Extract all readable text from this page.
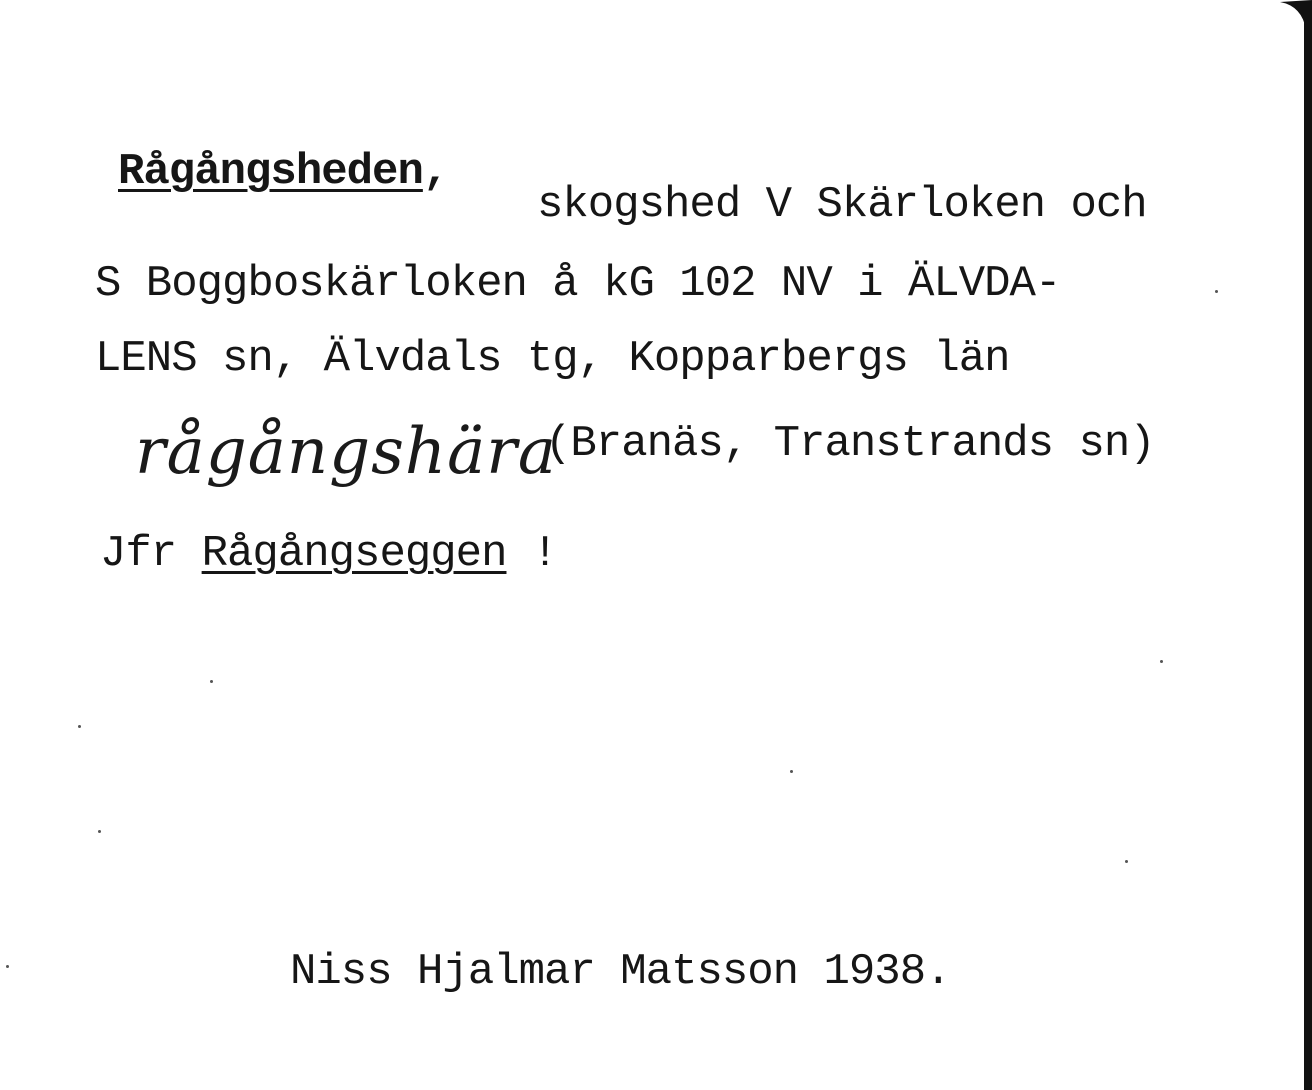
Rågångsheden,
skogshed V Skärloken och
S Boggboskärloken å kG 102 NV i ÄLVDA-
LENS sn, Älvdals tg, Kopparbergs län
rågångshära
(Branäs, Transtrands sn)
Jfr Rågångseggen !
Niss Hjalmar Matsson 1938.
